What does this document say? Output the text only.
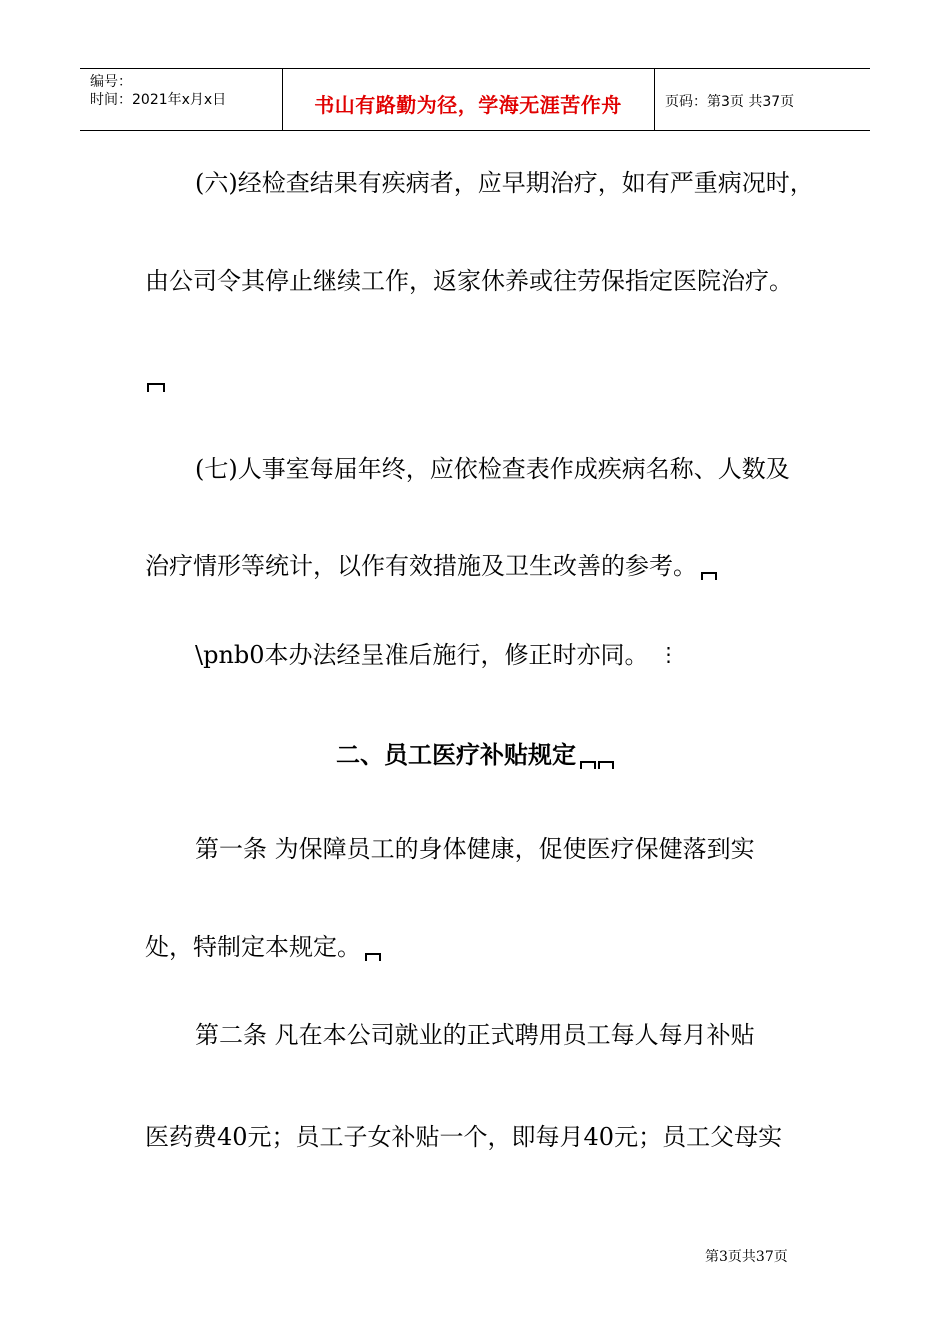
编号：
时间：2021年x月x日	书山有路勤为径，学海无涯苦作舟	页码：第3页 共37页
(六)经检查结果有疾病者，应早期治疗，如有严重病况时，
由公司令其停止继续工作，返家休养或往劳保指定医院治疗。
(七)人事室每届年终，应依检查表作成疾病名称、人数及
治疗情形等统计，以作有效措施及卫生改善的参考。
\pnb0本办法经呈准后施行，修正时亦同。 ⋮
二、员工医疗补贴规定
第一条 为保障员工的身体健康，促使医疗保健落到实
处，特制定本规定。
第二条 凡在本公司就业的正式聘用员工每人每月补贴
医药费40元；员工子女补贴一个，即每月40元；员工父母实
第3页共37页
